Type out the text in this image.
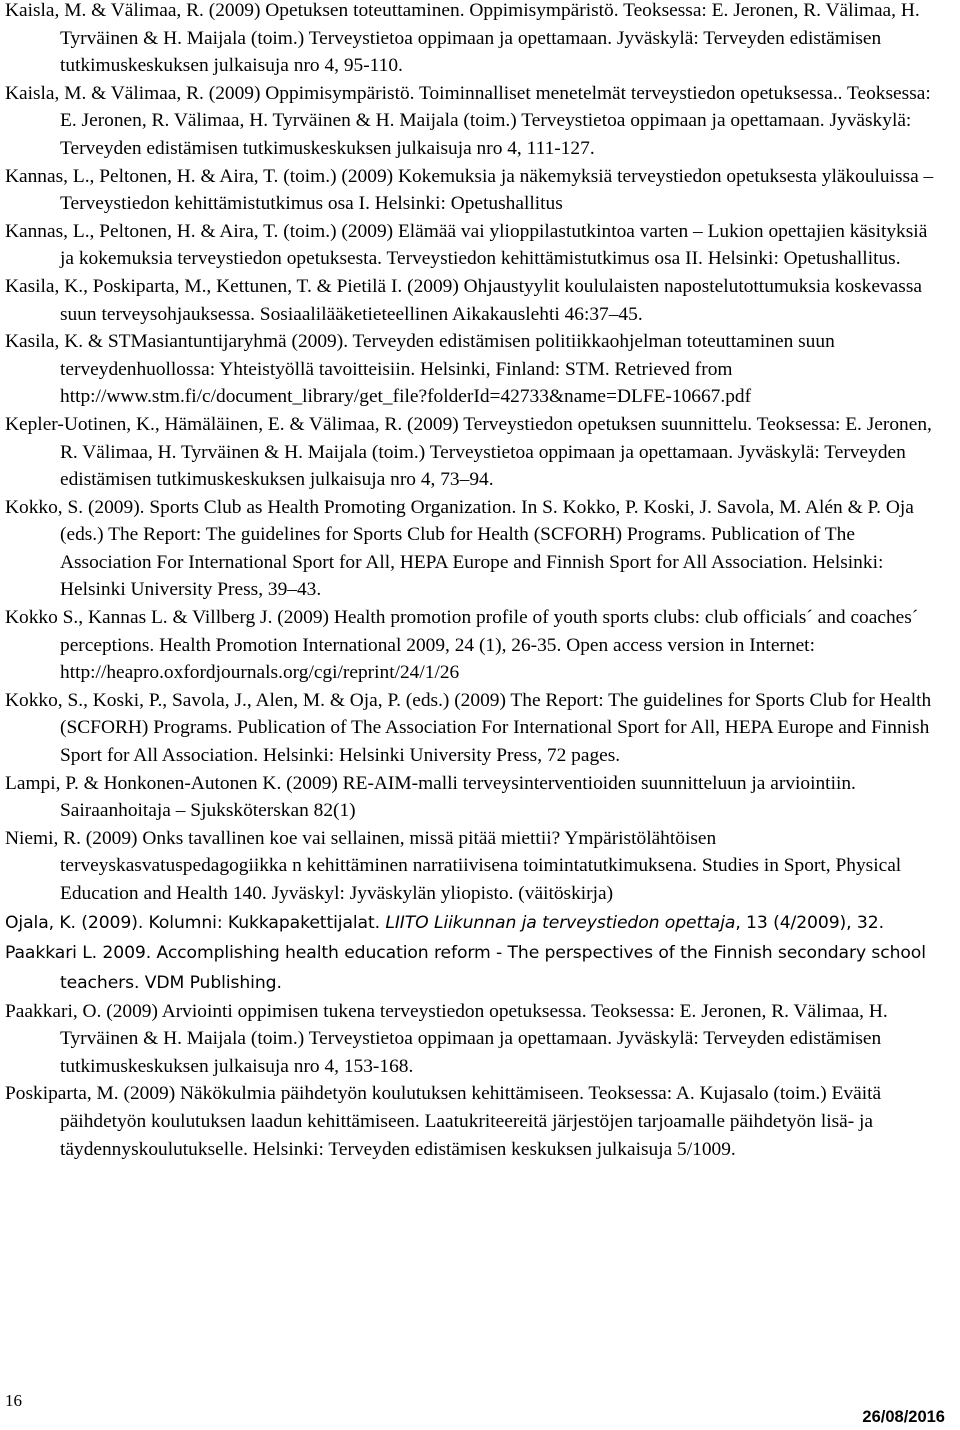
Kaisla, M. & Välimaa, R. (2009) Opetuksen toteuttaminen. Oppimisympäristö. Teoksessa: E. Jeronen, R. Välimaa, H. Tyrväinen & H. Maijala (toim.) Terveystietoa oppimaan ja opettamaan. Jyväskylä: Terveyden edistämisen tutkimuskeskuksen julkaisuja nro 4, 95-110.

Kaisla, M. & Välimaa, R. (2009) Oppimisympäristö. Toiminnalliset menetelmät terveystiedon opetuksessa.. Teoksessa: E. Jeronen, R. Välimaa, H. Tyrväinen & H. Maijala (toim.) Terveystietoa oppimaan ja opettamaan. Jyväskylä: Terveyden edistämisen tutkimuskeskuksen julkaisuja nro 4, 111-127.

Kannas, L., Peltonen, H. & Aira, T. (toim.) (2009) Kokemuksia ja näkemyksiä terveystiedon opetuksesta yläkouluissa – Terveystiedon kehittämistutkimus osa I. Helsinki: Opetushallitus

Kannas, L., Peltonen, H. & Aira, T. (toim.) (2009) Elämää vai ylioppilastutkintoa varten – Lukion opettajien käsityksiä ja kokemuksia terveystiedon opetuksesta. Terveystiedon kehittämistutkimus osa II. Helsinki: Opetushallitus.

Kasila, K., Poskiparta, M., Kettunen, T. & Pietilä I. (2009) Ohjaustyylit koululaisten napostelutottumuksia koskevassa suun terveysohjauksessa. Sosiaalilääketieteellinen Aikakauslehti 46:37–45.

Kasila, K. & STMasiantuntijaryhmä (2009). Terveyden edistämisen politiikkaohjelman toteuttaminen suun terveydenhuollossa: Yhteistyöllä tavoitteisiin. Helsinki, Finland: STM. Retrieved from http://www.stm.fi/c/document_library/get_file?folderId=42733&name=DLFE-10667.pdf

Kepler-Uotinen, K., Hämäläinen, E. & Välimaa, R. (2009) Terveystiedon opetuksen suunnittelu. Teoksessa: E. Jeronen, R. Välimaa, H. Tyrväinen & H. Maijala (toim.) Terveystietoa oppimaan ja opettamaan. Jyväskylä: Terveyden edistämisen tutkimuskeskuksen julkaisuja nro 4, 73–94.

Kokko, S. (2009). Sports Club as Health Promoting Organization. In S. Kokko, P. Koski, J. Savola, M. Alén & P. Oja (eds.) The Report: The guidelines for Sports Club for Health (SCFORH) Programs. Publication of The Association For International Sport for All, HEPA Europe and Finnish Sport for All Association. Helsinki: Helsinki University Press, 39–43.

Kokko S., Kannas L. & Villberg J. (2009) Health promotion profile of youth sports clubs: club officials´ and coaches´ perceptions. Health Promotion International 2009, 24 (1), 26-35. Open access version in Internet: http://heapro.oxfordjournals.org/cgi/reprint/24/1/26

Kokko, S., Koski, P., Savola, J., Alen, M. & Oja, P. (eds.) (2009) The Report: The guidelines for Sports Club for Health (SCFORH) Programs. Publication of The Association For International Sport for All, HEPA Europe and Finnish Sport for All Association. Helsinki: Helsinki University Press, 72 pages.

Lampi, P. & Honkonen-Autonen K. (2009) RE-AIM-malli terveysinterventioiden suunnitteluun ja arviointiin. Sairaanhoitaja – Sjuksköterskan 82(1)

Niemi, R. (2009) Onks tavallinen koe vai sellainen, missä pitää miettii? Ympäristölähtöisen terveyskasvatuspedagogiikka n kehittäminen narratiivisena toimintatutkimuksena. Studies in Sport, Physical Education and Health 140. Jyväskyl: Jyväskylän yliopisto. (väitöskirja)

Ojala, K. (2009). Kolumni: Kukkapakettijalat. LIITO Liikunnan ja terveystiedon opettaja, 13 (4/2009), 32.

Paakkari L. 2009. Accomplishing health education reform - The perspectives of the Finnish secondary school teachers. VDM Publishing.

Paakkari, O. (2009) Arviointi oppimisen tukena terveystiedon opetuksessa. Teoksessa: E. Jeronen, R. Välimaa, H. Tyrväinen & H. Maijala (toim.) Terveystietoa oppimaan ja opettamaan. Jyväskylä: Terveyden edistämisen tutkimuskeskuksen julkaisuja nro 4, 153-168.

Poskiparta, M. (2009) Näkökulmia päihdetyön koulutuksen kehittämiseen. Teoksessa: A. Kujasalo (toim.) Eväitä päihdetyön koulutuksen laadun kehittämiseen. Laatukriteereitä järjestöjen tarjoamalle päihdetyön lisä- ja täydennyskoulutukselle. Helsinki: Terveyden edistämisen keskuksen julkaisuja 5/1009.

16
26/08/2016
